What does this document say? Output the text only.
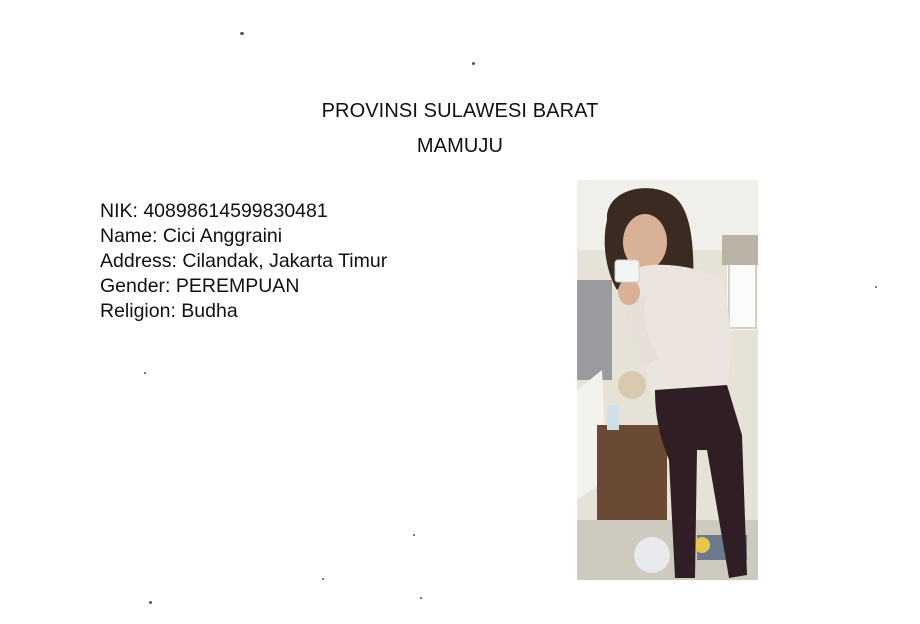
PROVINSI SULAWESI BARAT
MAMUJU
NIK: 40898614599830481
Name: Cici Anggraini
Address: Cilandak, Jakarta Timur
Gender: PEREMPUAN
Religion: Budha
